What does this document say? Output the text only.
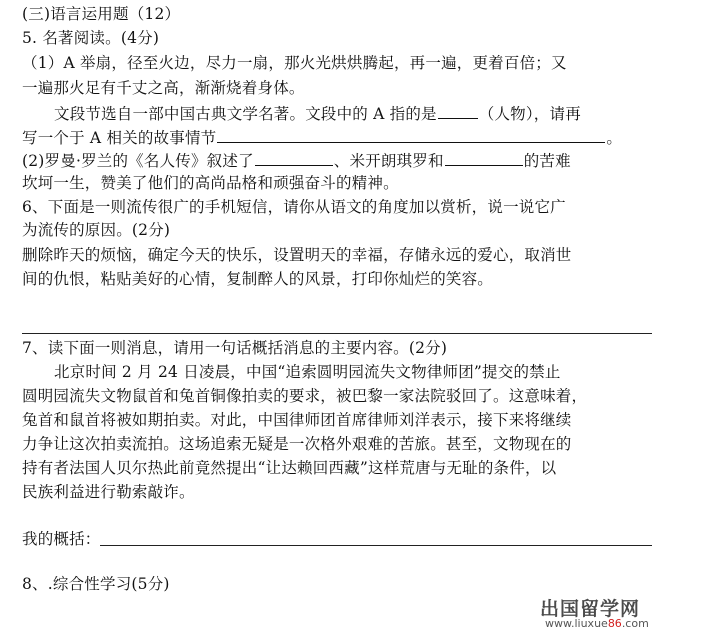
(三)语言运用题（12）
5. 名著阅读。(4分)
（1）A 举扇，径至火边，尽力一扇，那火光烘烘腾起，再一遍，更着百倍；又
一遍那火足有千丈之高，渐渐烧着身体。
文段节选自一部中国古典文学名著。文段中的 A 指的是	（人物），请再
写一个于 A 相关的故事情节	。
(2)罗曼·罗兰的《名人传》叙述了	、米开朗琪罗和	的苦难
坎坷一生，赞美了他们的高尚品格和顽强奋斗的精神。
6、下面是一则流传很广的手机短信，请你从语文的角度加以赏析，说一说它广
为流传的原因。(2分)
删除昨天的烦恼，确定今天的快乐，设置明天的幸福，存储永远的爱心，取消世
间的仇恨，粘贴美好的心情，复制醉人的风景，打印你灿烂的笑容。
7、读下面一则消息，请用一句话概括消息的主要内容。(2分)
北京时间 2 月 24 日凌晨，中国“追索圆明园流失文物律师团”提交的禁止
圆明园流失文物鼠首和兔首铜像拍卖的要求，被巴黎一家法院驳回了。这意味着，
兔首和鼠首将被如期拍卖。对此，中国律师团首席律师刘洋表示，接下来将继续
力争让这次拍卖流拍。这场追索无疑是一次格外艰难的苦旅。甚至，文物现在的
持有者法国人贝尔热此前竟然提出“让达赖回西藏”这样荒唐与无耻的条件，以
民族利益进行勒索敲诈。
我的概括：
8、.综合性学习(5分)
出国留学网
www.liuxue86.com
